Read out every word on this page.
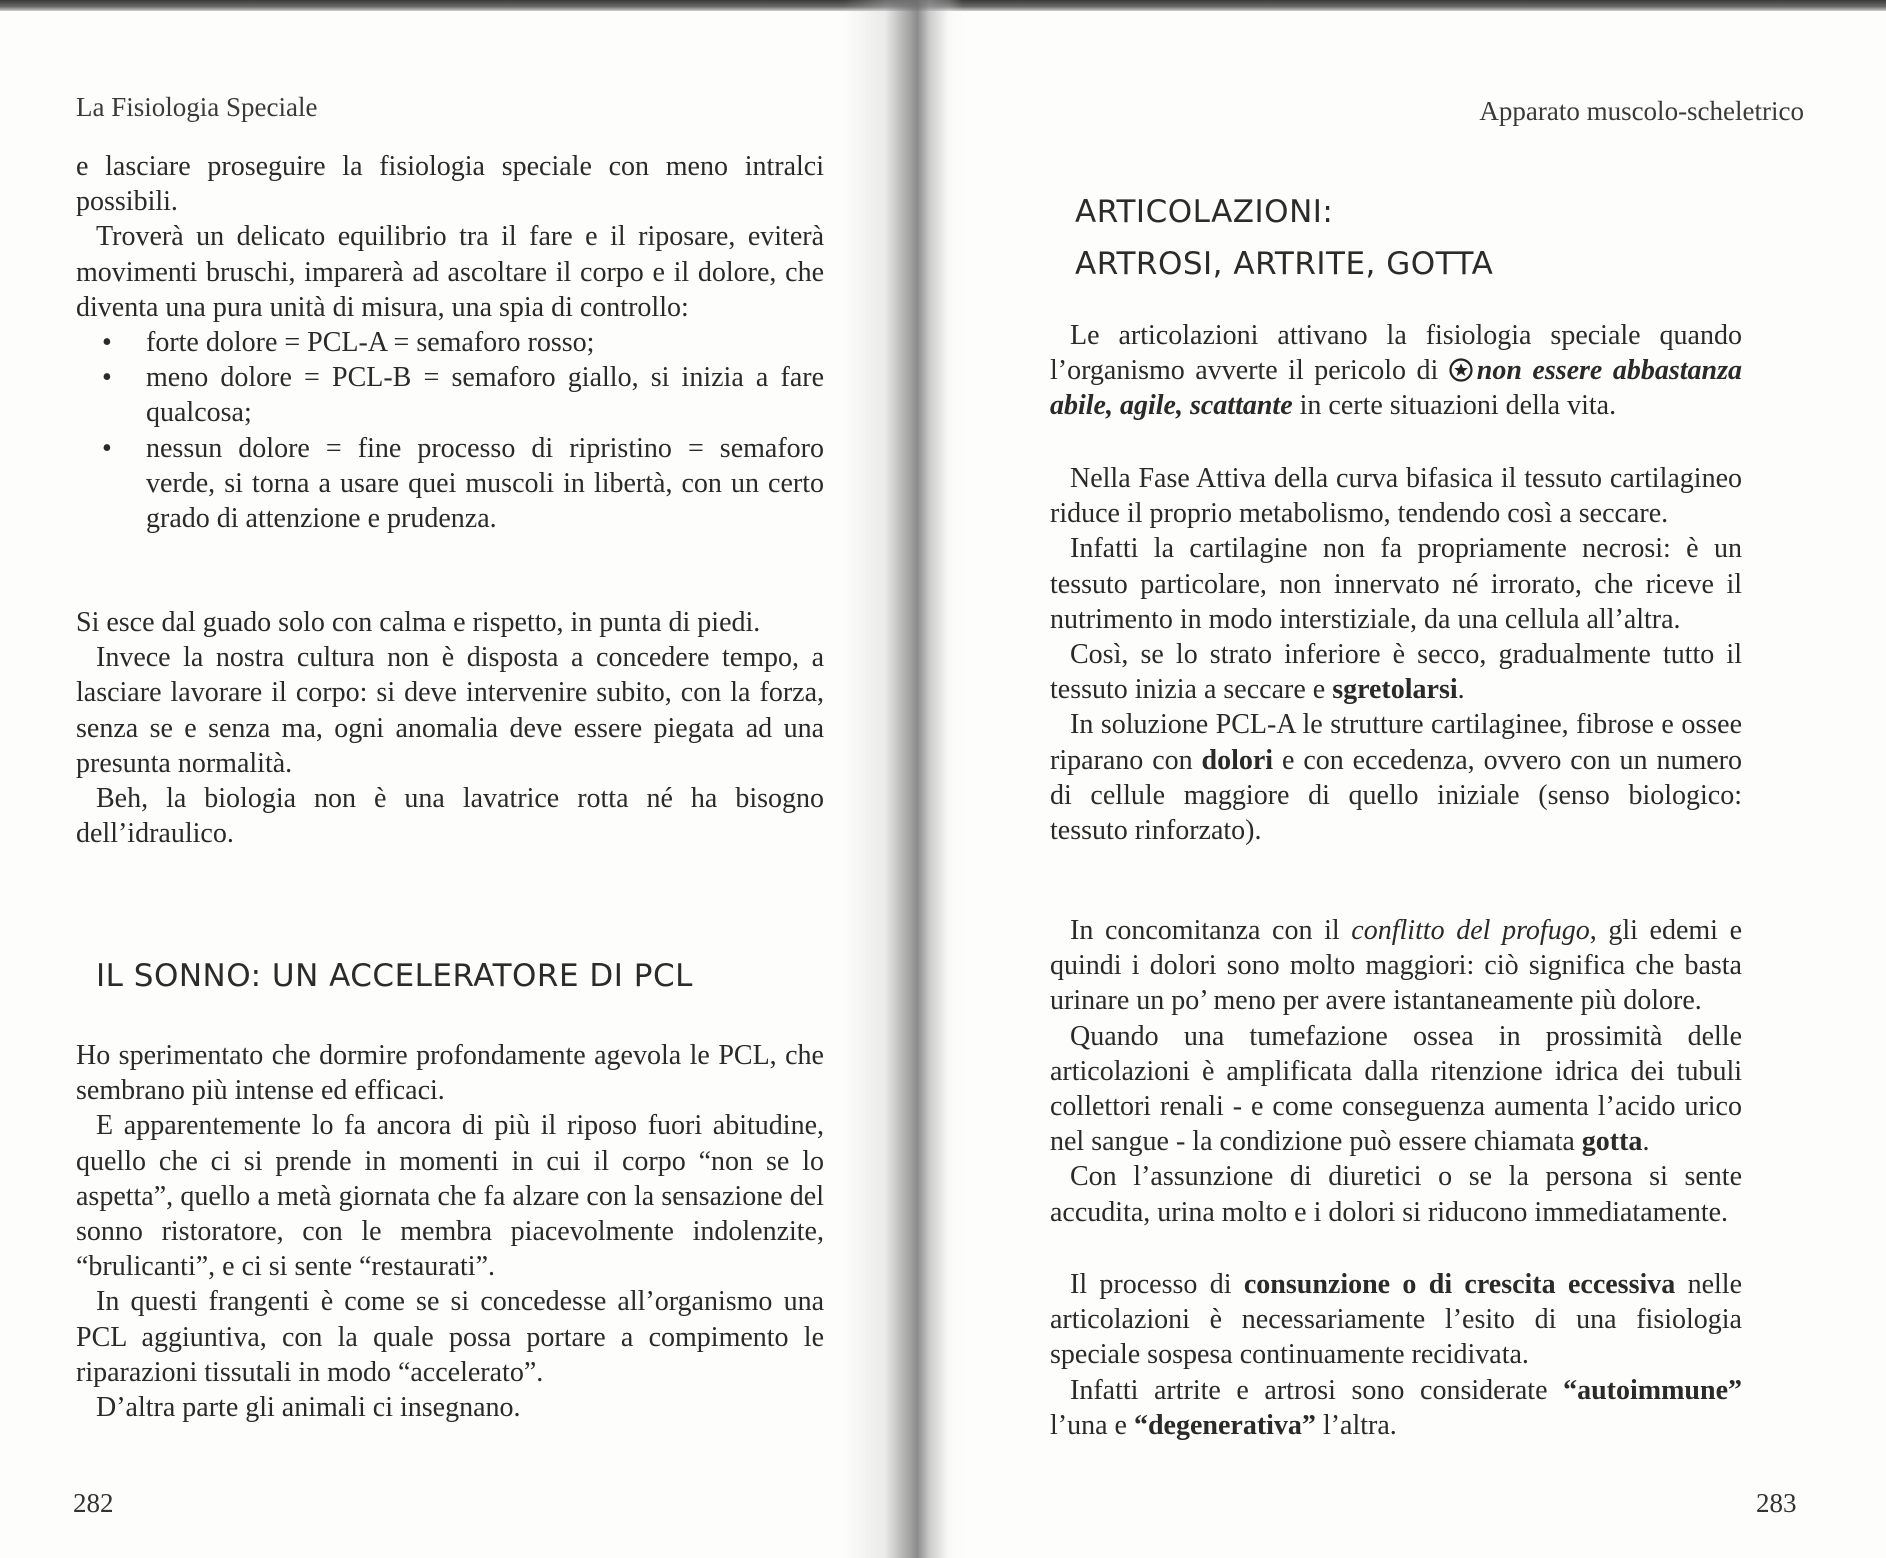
La Fisiologia Speciale

e lasciare proseguire la fisiologia speciale con meno intralci possibili.

Troverà un delicato equilibrio tra il fare e il riposare, eviterà movimenti bruschi, imparerà ad ascoltare il corpo e il dolore, che diventa una pura unità di misura, una spia di controllo:

• forte dolore = PCL-A = semaforo rosso;
• meno dolore = PCL-B = semaforo giallo, si inizia a fare qualcosa;
• nessun dolore = fine processo di ripristino = semaforo verde, si torna a usare quei muscoli in libertà, con un certo grado di attenzione e prudenza.

Si esce dal guado solo con calma e rispetto, in punta di piedi.

Invece la nostra cultura non è disposta a concedere tempo, a lasciare lavorare il corpo: si deve intervenire subito, con la forza, senza se e senza ma, ogni anomalia deve essere piegata ad una presunta normalità.

Beh, la biologia non è una lavatrice rotta né ha bisogno dell’idraulico.

IL SONNO: UN ACCELERATORE DI PCL

Ho sperimentato che dormire profondamente agevola le PCL, che sembrano più intense ed efficaci.

E apparentemente lo fa ancora di più il riposo fuori abitudine, quello che ci si prende in momenti in cui il corpo “non se lo aspetta”, quello a metà giornata che fa alzare con la sensazione del sonno ristoratore, con le membra piacevolmente indolenzite, “brulicanti”, e ci si sente “restaurati”.

In questi frangenti è come se si concedesse all’organismo una PCL aggiuntiva, con la quale possa portare a compimento le riparazioni tissutali in modo “accelerato”.

D’altra parte gli animali ci insegnano.

282
Apparato muscolo-scheletrico
ARTICOLAZIONI:
ARTROSI, ARTRITE, GOTTA

Le articolazioni attivano la fisiologia speciale quando l’organismo avverte il pericolo di non essere abbastanza abile, agile, scattante in certe situazioni della vita.

Nella Fase Attiva della curva bifasica il tessuto cartilagineo riduce il proprio metabolismo, tendendo così a seccare.

Infatti la cartilagine non fa propriamente necrosi: è un tessuto particolare, non innervato né irrorato, che riceve il nutrimento in modo interstiziale, da una cellula all’altra.

Così, se lo strato inferiore è secco, gradualmente tutto il tessuto inizia a seccare e sgretolarsi.

In soluzione PCL-A le strutture cartilaginee, fibrose e ossee riparano con dolori e con eccedenza, ovvero con un numero di cellule maggiore di quello iniziale (senso biologico: tessuto rinforzato).

In concomitanza con il conflitto del profugo, gli edemi e quindi i dolori sono molto maggiori: ciò significa che basta urinare un po’ meno per avere istantaneamente più dolore.

Quando una tumefazione ossea in prossimità delle articolazioni è amplificata dalla ritenzione idrica dei tubuli collettori renali - e come conseguenza aumenta l’acido urico nel sangue - la condizione può essere chiamata gotta.

Con l’assunzione di diuretici o se la persona si sente accudita, urina molto e i dolori si riducono immediatamente.

Il processo di consunzione o di crescita eccessiva nelle articolazioni è necessariamente l’esito di una fisiologia speciale sospesa continuamente recidivata.

Infatti artrite e artrosi sono considerate “autoimmune” l’una e “degenerativa” l’altra.

283
